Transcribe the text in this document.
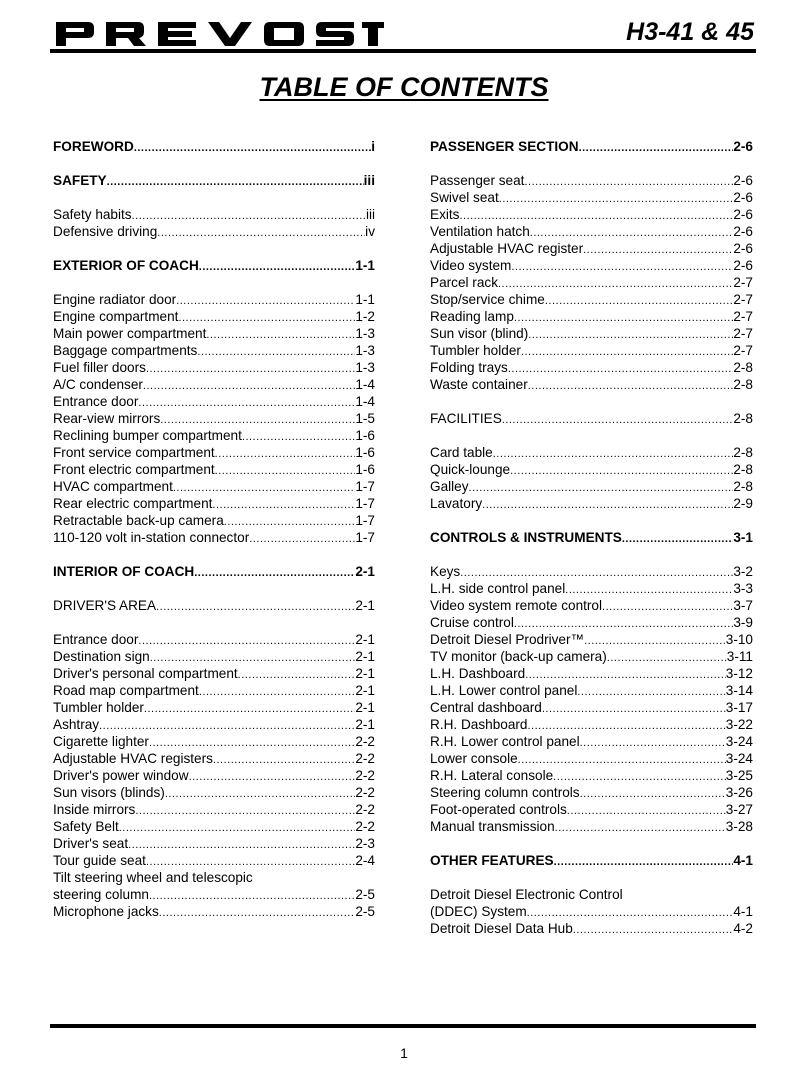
H3-41 & 45
TABLE OF CONTENTS
FOREWORD .....	i
SAFETY .....	iii
Safety habits .....	iii
Defensive driving .....	iv
EXTERIOR OF COACH .....	1-1
Engine radiator door .....	1-1
Engine compartment .....	1-2
Main power compartment .....	1-3
Baggage compartments .....	1-3
Fuel filler doors .....	1-3
A/C condenser .....	1-4
Entrance door .....	1-4
Rear-view mirrors .....	1-5
Reclining bumper compartment .....	1-6
Front service compartment .....	1-6
Front electric compartment .....	1-6
HVAC compartment .....	1-7
Rear electric compartment .....	1-7
Retractable back-up camera .....	1-7
110-120 volt in-station connector .....	1-7
INTERIOR OF COACH .....	2-1
DRIVER'S AREA .....	2-1
Entrance door .....	2-1
Destination sign .....	2-1
Driver's personal compartment .....	2-1
Road map compartment .....	2-1
Tumbler holder .....	2-1
Ashtray .....	2-1
Cigarette lighter .....	2-2
Adjustable HVAC registers .....	2-2
Driver's power window .....	2-2
Sun visors (blinds) .....	2-2
Inside mirrors .....	2-2
Safety Belt .....	2-2
Driver's seat .....	2-3
Tour guide seat .....	2-4
Tilt steering wheel and telescopic
steering column .....	2-5
Microphone jacks .....	2-5
PASSENGER SECTION .....	2-6
Passenger seat .....	2-6
Swivel seat .....	2-6
Exits .....	2-6
Ventilation hatch .....	2-6
Adjustable HVAC register .....	2-6
Video system .....	2-6
Parcel rack .....	2-7
Stop/service chime .....	2-7
Reading lamp .....	2-7
Sun visor (blind) .....	2-7
Tumbler holder .....	2-7
Folding trays .....	2-8
Waste container .....	2-8
FACILITIES .....	2-8
Card table .....	2-8
Quick-lounge .....	2-8
Galley .....	2-8
Lavatory .....	2-9
CONTROLS & INSTRUMENTS .....	3-1
Keys .....	3-2
L.H. side control panel .....	3-3
Video system remote control .....	3-7
Cruise control .....	3-9
Detroit Diesel Prodriver™ .....	3-10
TV monitor (back-up camera) .....	3-11
L.H. Dashboard .....	3-12
L.H. Lower control panel .....	3-14
Central dashboard .....	3-17
R.H. Dashboard .....	3-22
R.H. Lower control panel .....	3-24
Lower console .....	3-24
R.H. Lateral console .....	3-25
Steering column controls .....	3-26
Foot-operated controls .....	3-27
Manual transmission .....	3-28
OTHER FEATURES .....	4-1
Detroit Diesel Electronic Control
(DDEC) System .....	4-1
Detroit Diesel Data Hub .....	4-2
1
